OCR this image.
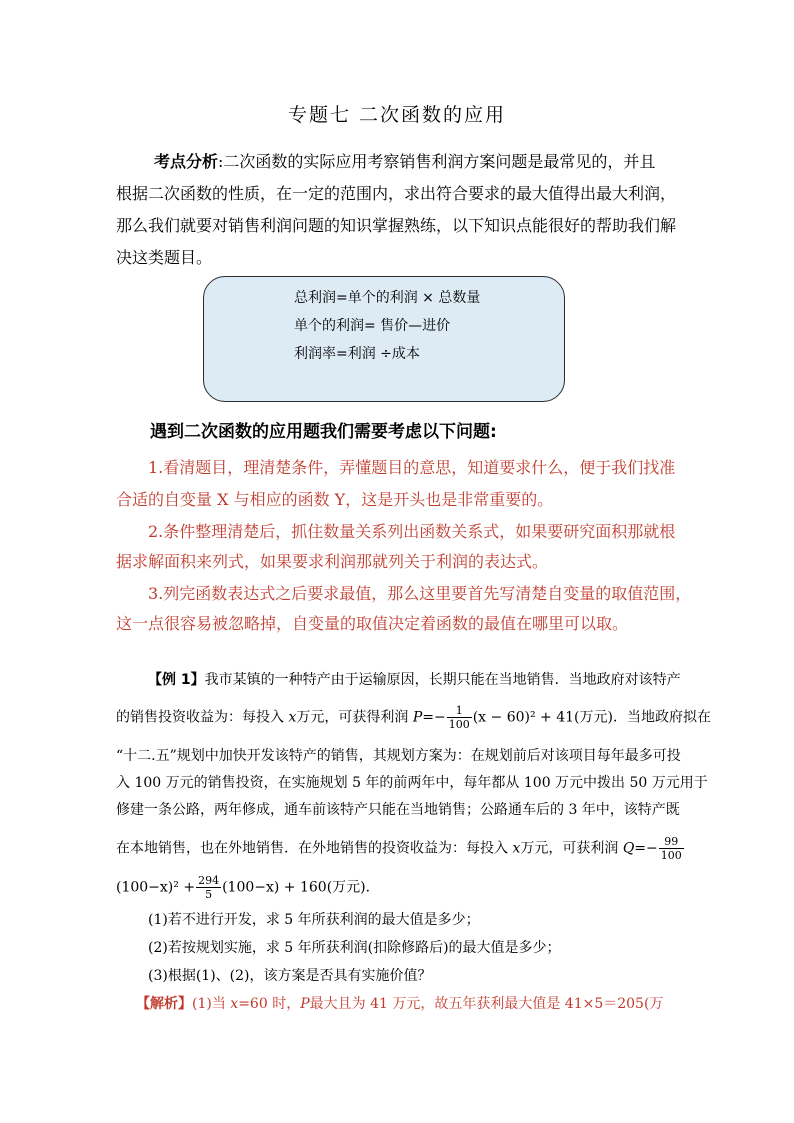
专题七 二次函数的应用
考点分析:二次函数的实际应用考察销售利润方案问题是最常见的，并且
根据二次函数的性质，在一定的范围内，求出符合要求的最大值得出最大利润，
那么我们就要对销售利润问题的知识掌握熟练，以下知识点能很好的帮助我们解
决这类题目。
总利润=单个的利润 × 总数量
单个的利润= 售价—进价
利润率=利润 ÷成本
遇到二次函数的应用题我们需要考虑以下问题:
1.看清题目，理清楚条件，弄懂题目的意思，知道要求什么，便于我们找准
合适的自变量 X 与相应的函数 Y，这是开头也是非常重要的。
2.条件整理清楚后，抓住数量关系列出函数关系式，如果要研究面积那就根
据求解面积来列式，如果要求利润那就列关于利润的表达式。
3.列完函数表达式之后要求最值，那么这里要首先写清楚自变量的取值范围，
这一点很容易被忽略掉，自变量的取值决定着函数的最值在哪里可以取。
【例 1】我市某镇的一种特产由于运输原因，长期只能在当地销售．当地政府对该特产
的销售投资收益为：每投入 x万元，可获得利润 $P=- \frac{1}{100} (x - 60)^2 + 41$(万元)．当地政府拟在
“十二.五”规划中加快开发该特产的销售，其规划方案为：在规划前后对该项目每年最多可投
入 100 万元的销售投资，在实施规划 5 年的前两年中，每年都从 100 万元中拨出 50 万元用于
修建一条公路，两年修成，通车前该特产只能在当地销售；公路通车后的 3 年中，该特产既
在本地销售，也在外地销售．在外地销售的投资收益为：每投入 x万元，可获利润 $Q=- \frac{99}{100}$
$(100-x)^2 + \frac{294}{5} (100-x) + 160$(万元)．
(1)若不进行开发，求 5 年所获利润的最大值是多少；
(2)若按规划实施，求 5 年所获利润(扣除修路后)的最大值是多少；
(3)根据(1)、(2)，该方案是否具有实施价值？
【解析】(1)当 x=60 时，P最大且为 41 万元，故五年获利最大值是 41×5＝205(万
